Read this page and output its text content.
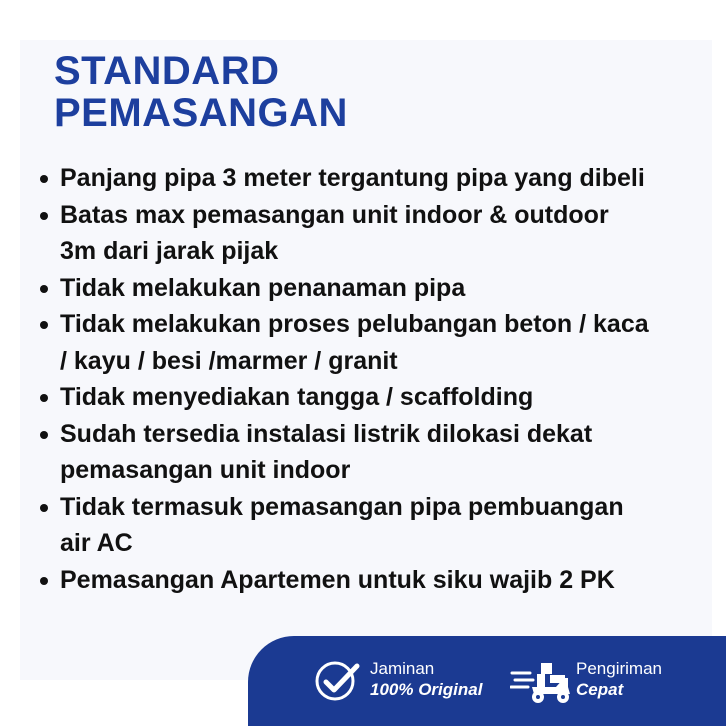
STANDARD
PEMASANGAN
Panjang pipa 3 meter tergantung pipa yang dibeli
Batas max pemasangan unit indoor & outdoor
3m dari jarak pijak
Tidak melakukan penanaman pipa
Tidak melakukan proses pelubangan beton / kaca
/ kayu / besi /marmer / granit
Tidak menyediakan tangga / scaffolding
Sudah tersedia instalasi listrik dilokasi dekat
pemasangan unit indoor
Tidak termasuk pemasangan pipa pembuangan
air AC
Pemasangan Apartemen untuk siku wajib 2 PK
Jaminan
100% Original
Pengiriman
Cepat
